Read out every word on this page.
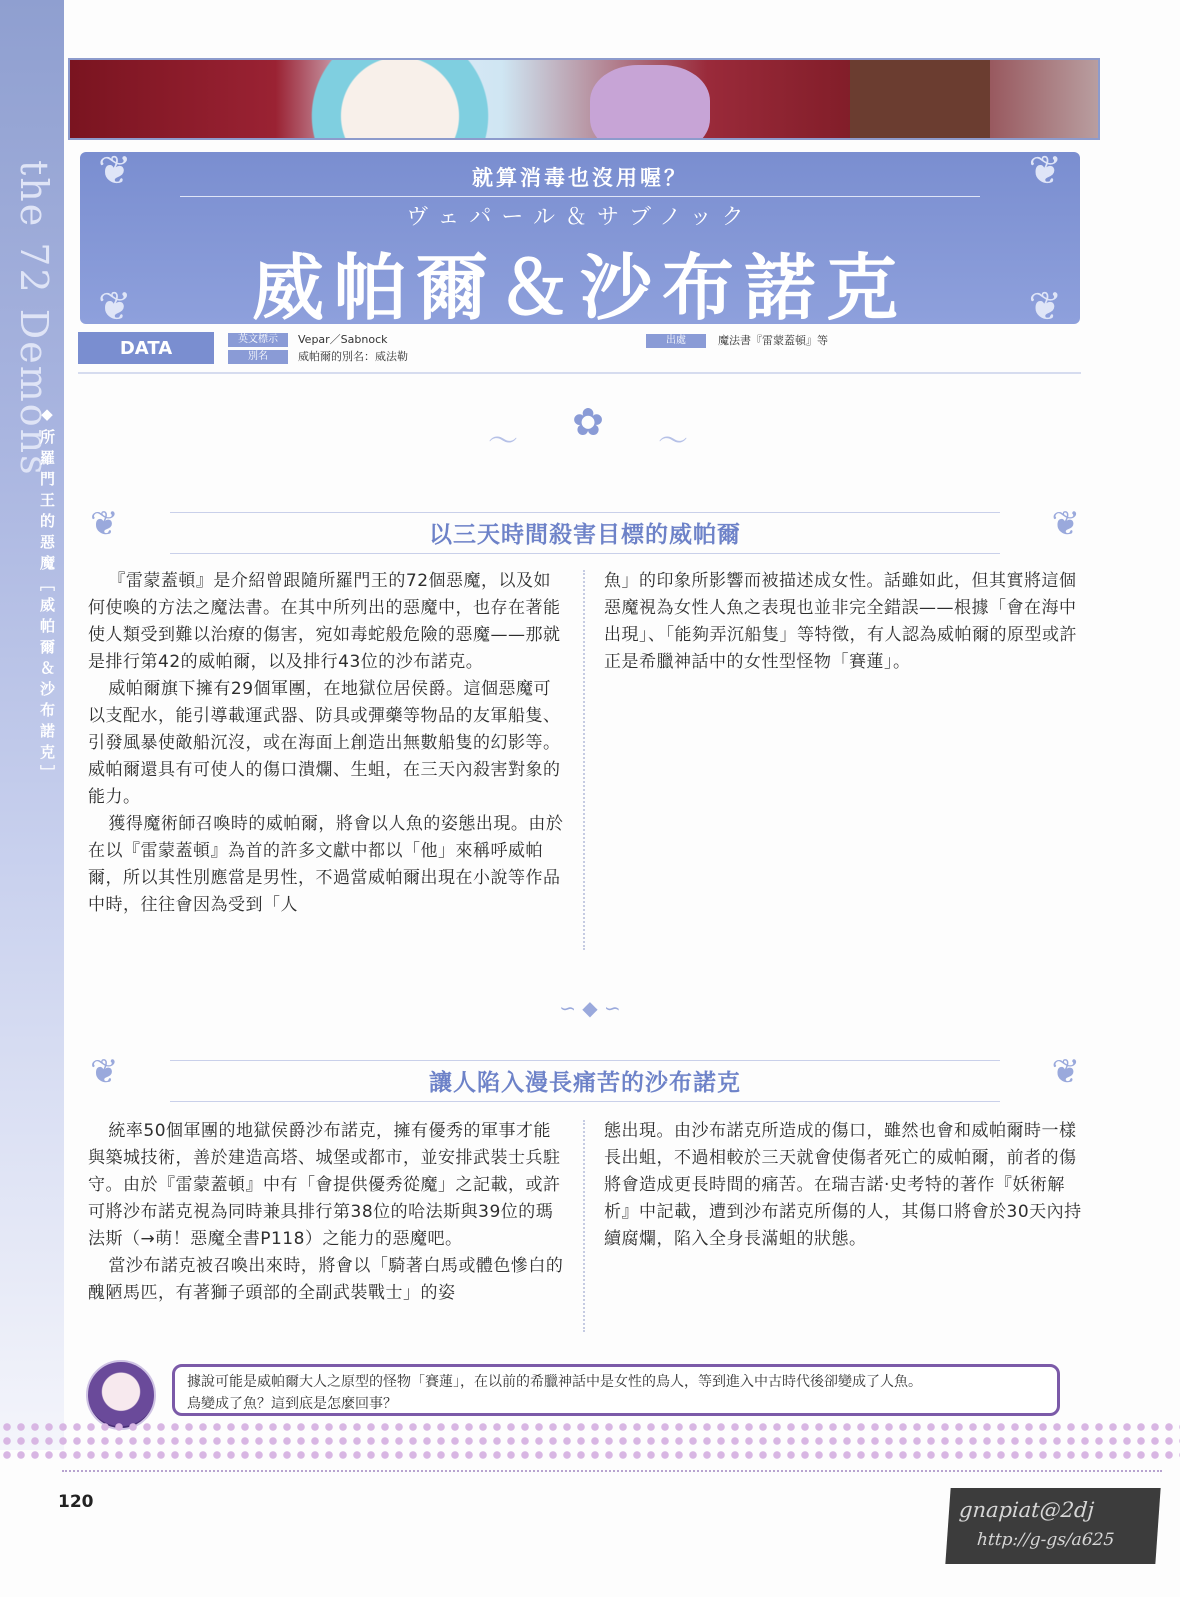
the 72 Demons
◆所羅門王的惡魔［威帕爾＆沙布諾克］
❦	❦
❦	❦
就算消毒也沒用喔？
ヴェパール＆サブノック
威帕爾＆沙布諾克
DATA	英文標示	Vepar／Sabnock
別名	威帕爾的別名：威法勒
出處	魔法書『雷蒙蓋頓』等
～ ✿ ～
❦	以三天時間殺害目標的威帕爾	❦

『雷蒙蓋頓』是介紹曾跟隨所羅門王的72個惡魔，以及如何使喚的方法之魔法書。在其中所列出的惡魔中，也存在著能使人類受到難以治療的傷害，宛如毒蛇般危險的惡魔——那就是排行第42的威帕爾，以及排行43位的沙布諾克。

威帕爾旗下擁有29個軍團，在地獄位居侯爵。這個惡魔可以支配水，能引導載運武器、防具或彈藥等物品的友軍船隻、引發風暴使敵船沉沒，或在海面上創造出無數船隻的幻影等。威帕爾還具有可使人的傷口潰爛、生蛆，在三天內殺害對象的能力。

獲得魔術師召喚時的威帕爾，將會以人魚的姿態出現。由於在以『雷蒙蓋頓』為首的許多文獻中都以「他」來稱呼威帕爾，所以其性別應當是男性，不過當威帕爾出現在小說等作品中時，往往會因為受到「人

魚」的印象所影響而被描述成女性。話雖如此，但其實將這個惡魔視為女性人魚之表現也並非完全錯誤——根據「會在海中出現」、「能夠弄沉船隻」等特徵，有人認為威帕爾的原型或許正是希臘神話中的女性型怪物「賽蓮」。

∽ ◆ ∽
❦	讓人陷入漫長痛苦的沙布諾克	❦

統率50個軍團的地獄侯爵沙布諾克，擁有優秀的軍事才能與築城技術，善於建造高塔、城堡或都市，並安排武裝士兵駐守。由於『雷蒙蓋頓』中有「會提供優秀從魔」之記載，或許可將沙布諾克視為同時兼具排行第38位的哈法斯與39位的瑪法斯（→萌！惡魔全書P118）之能力的惡魔吧。

當沙布諾克被召喚出來時，將會以「騎著白馬或體色慘白的醜陋馬匹，有著獅子頭部的全副武裝戰士」的姿

態出現。由沙布諾克所造成的傷口，雖然也會和威帕爾時一樣長出蛆，不過相較於三天就會使傷者死亡的威帕爾，前者的傷將會造成更長時間的痛苦。在瑞吉諾·史考特的著作『妖術解析』中記載，遭到沙布諾克所傷的人，其傷口將會於30天內持續腐爛，陷入全身長滿蛆的狀態。

據說可能是威帕爾大人之原型的怪物「賽蓮」，在以前的希臘神話中是女性的鳥人，等到進入中古時代後卻變成了人魚。
鳥變成了魚？這到底是怎麼回事？
120	gnapiat@2dj
http://g-gs/a625
